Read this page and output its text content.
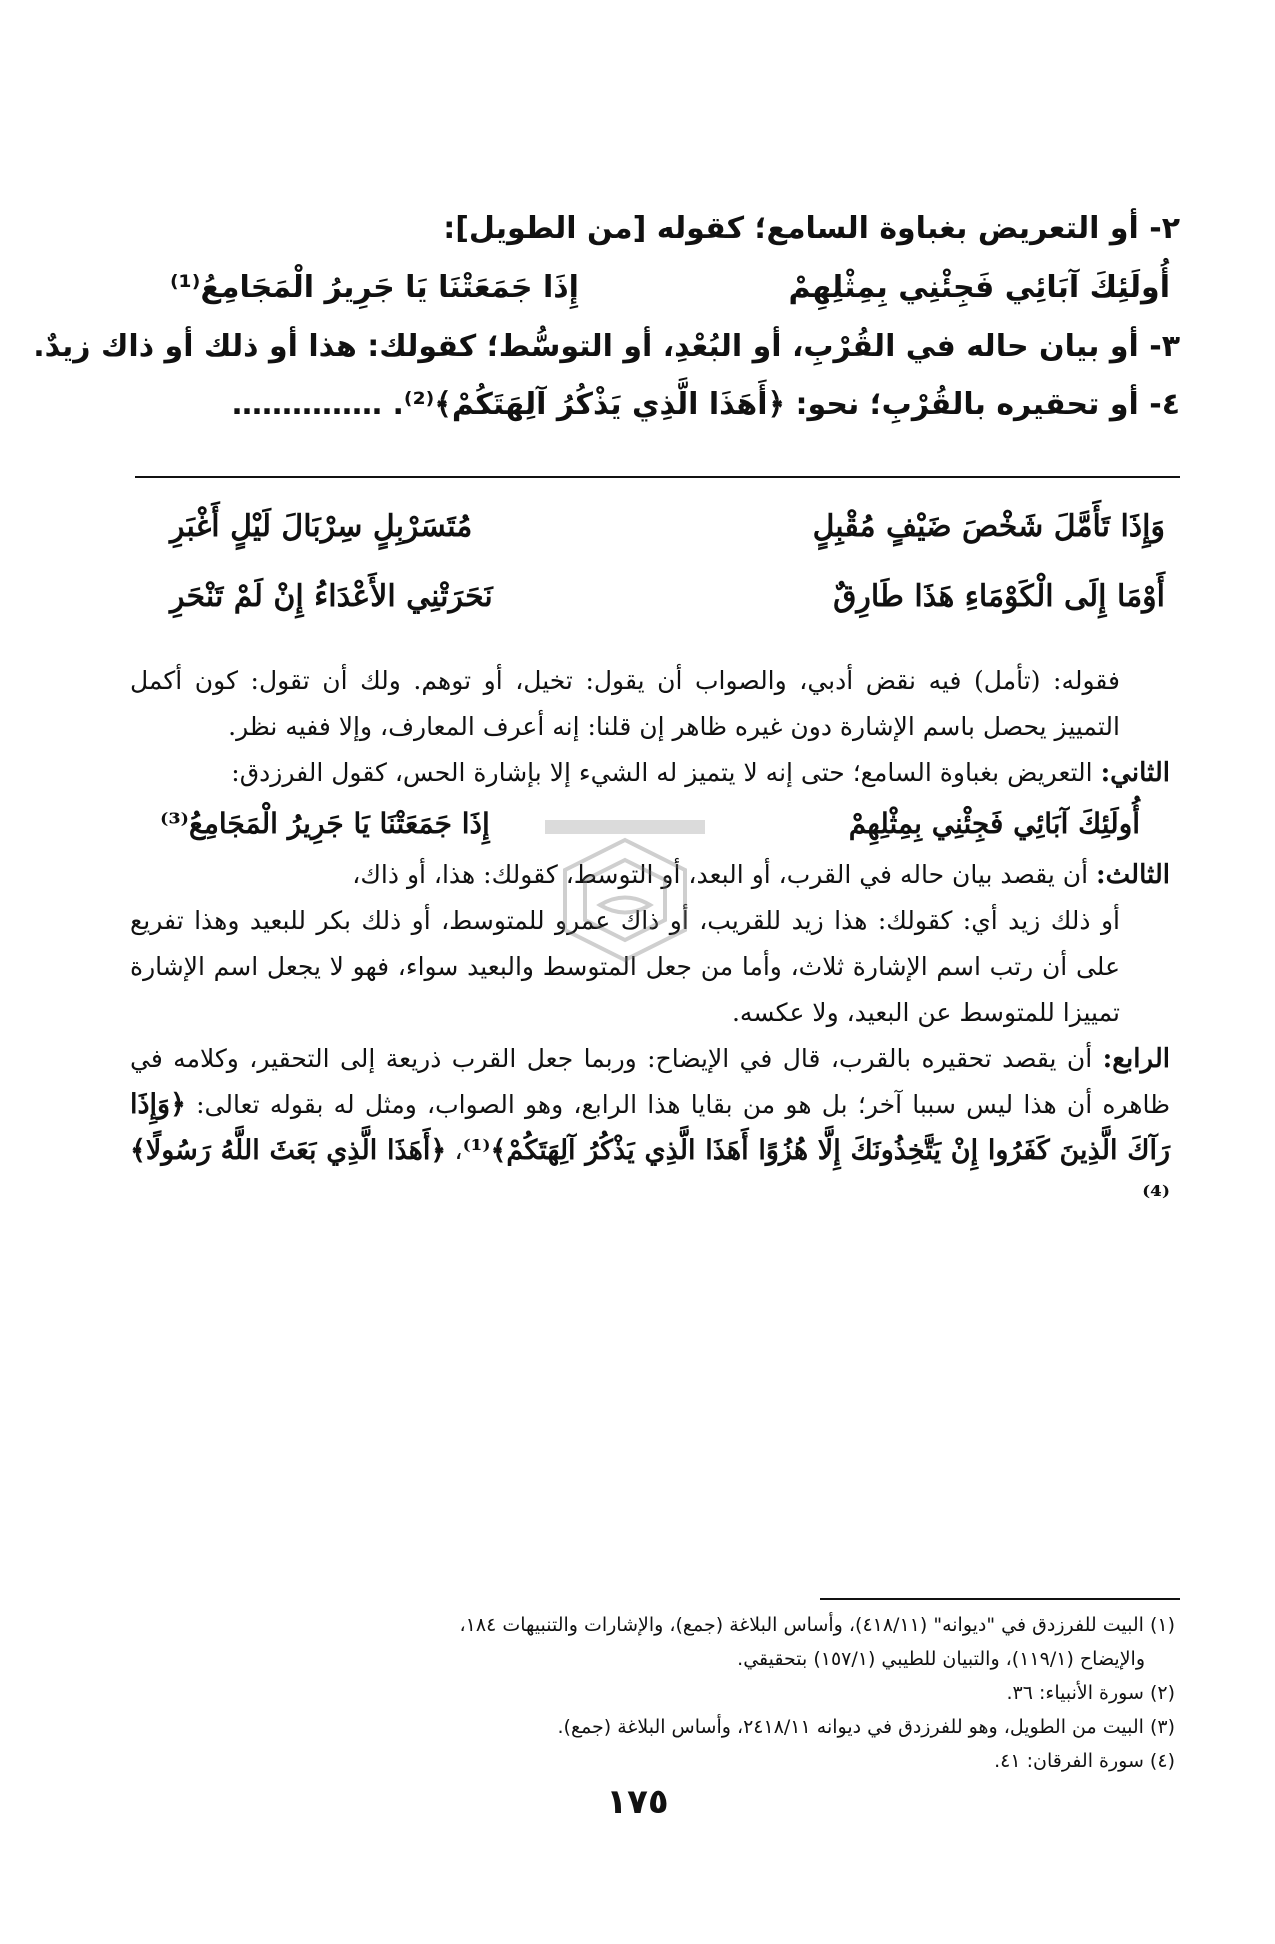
٢- أو التعريض بغباوة السامع؛ كقوله [من الطويل]:
أُولَئِكَ آبَائِي فَجِئْنِي بِمِثْلِهِمْ
إِذَا جَمَعَتْنَا يَا جَرِيرُ الْمَجَامِعُ⁽¹⁾
٣- أو بيان حاله في القُرْبِ، أو البُعْدِ، أو التوسُّط؛ كقولك: هذا أو ذلك أو ذاك زيدٌ.
٤- أو تحقيره بالقُرْبِ؛ نحو: ﴿أَهَذَا الَّذِي يَذْكُرُ آلِهَتَكُمْ﴾⁽²⁾. ……………
وَإِذَا تَأَمَّلَ شَخْصَ ضَيْفٍ مُقْبِلٍ
مُتَسَرْبِلٍ سِرْبَالَ لَيْلٍ أَغْبَرِ
أَوْمَا إِلَى الْكَوْمَاءِ هَذَا طَارِقٌ
نَحَرَتْنِي الأَعْدَاءُ إِنْ لَمْ تَنْحَرِ
فقوله: (تأمل) فيه نقض أدبي، والصواب أن يقول: تخيل، أو توهم. ولك أن تقول: كون أكمل التمييز يحصل باسم الإشارة دون غيره ظاهر إن قلنا: إنه أعرف المعارف، وإلا ففيه نظر.
الثاني: التعريض بغباوة السامع؛ حتى إنه لا يتميز له الشيء إلا بإشارة الحس، كقول الفرزدق:
أُولَئِكَ آبَائِي فَجِئْنِي بِمِثْلِهِمْ
إِذَا جَمَعَتْنَا يَا جَرِيرُ الْمَجَامِعُ⁽³⁾
الثالث: أن يقصد بيان حاله في القرب، أو البعد، أو التوسط، كقولك: هذا، أو ذاك،
أو ذلك زيد أي: كقولك: هذا زيد للقريب، أو ذاك عمرو للمتوسط، أو ذلك بكر للبعيد وهذا تفريع على أن رتب اسم الإشارة ثلاث، وأما من جعل المتوسط والبعيد سواء، فهو لا يجعل اسم الإشارة تمييزا للمتوسط عن البعيد، ولا عكسه.
الرابع: أن يقصد تحقيره بالقرب، قال في الإيضاح: وربما جعل القرب ذريعة إلى التحقير، وكلامه في ظاهره أن هذا ليس سببا آخر؛ بل هو من بقايا هذا الرابع، وهو الصواب، ومثل له بقوله تعالى: ﴿وَإِذَا رَآكَ الَّذِينَ كَفَرُوا إِنْ يَتَّخِذُونَكَ إِلَّا هُزُوًا أَهَذَا الَّذِي يَذْكُرُ آلِهَتَكُمْ﴾⁽¹⁾، ﴿أَهَذَا الَّذِي بَعَثَ اللَّهُ رَسُولًا﴾⁽⁴⁾
(١) البيت للفرزدق في "ديوانه" (٤١٨/١١)، وأساس البلاغة (جمع)، والإشارات والتنبيهات ١٨٤،
والإيضاح (١١٩/١)، والتبيان للطيبي (١٥٧/١) بتحقيقي.
(٢) سورة الأنبياء: ٣٦.
(٣) البيت من الطويل، وهو للفرزدق في ديوانه ٢٤١٨/١١، وأساس البلاغة (جمع).
(٤) سورة الفرقان: ٤١.
١٧٥
